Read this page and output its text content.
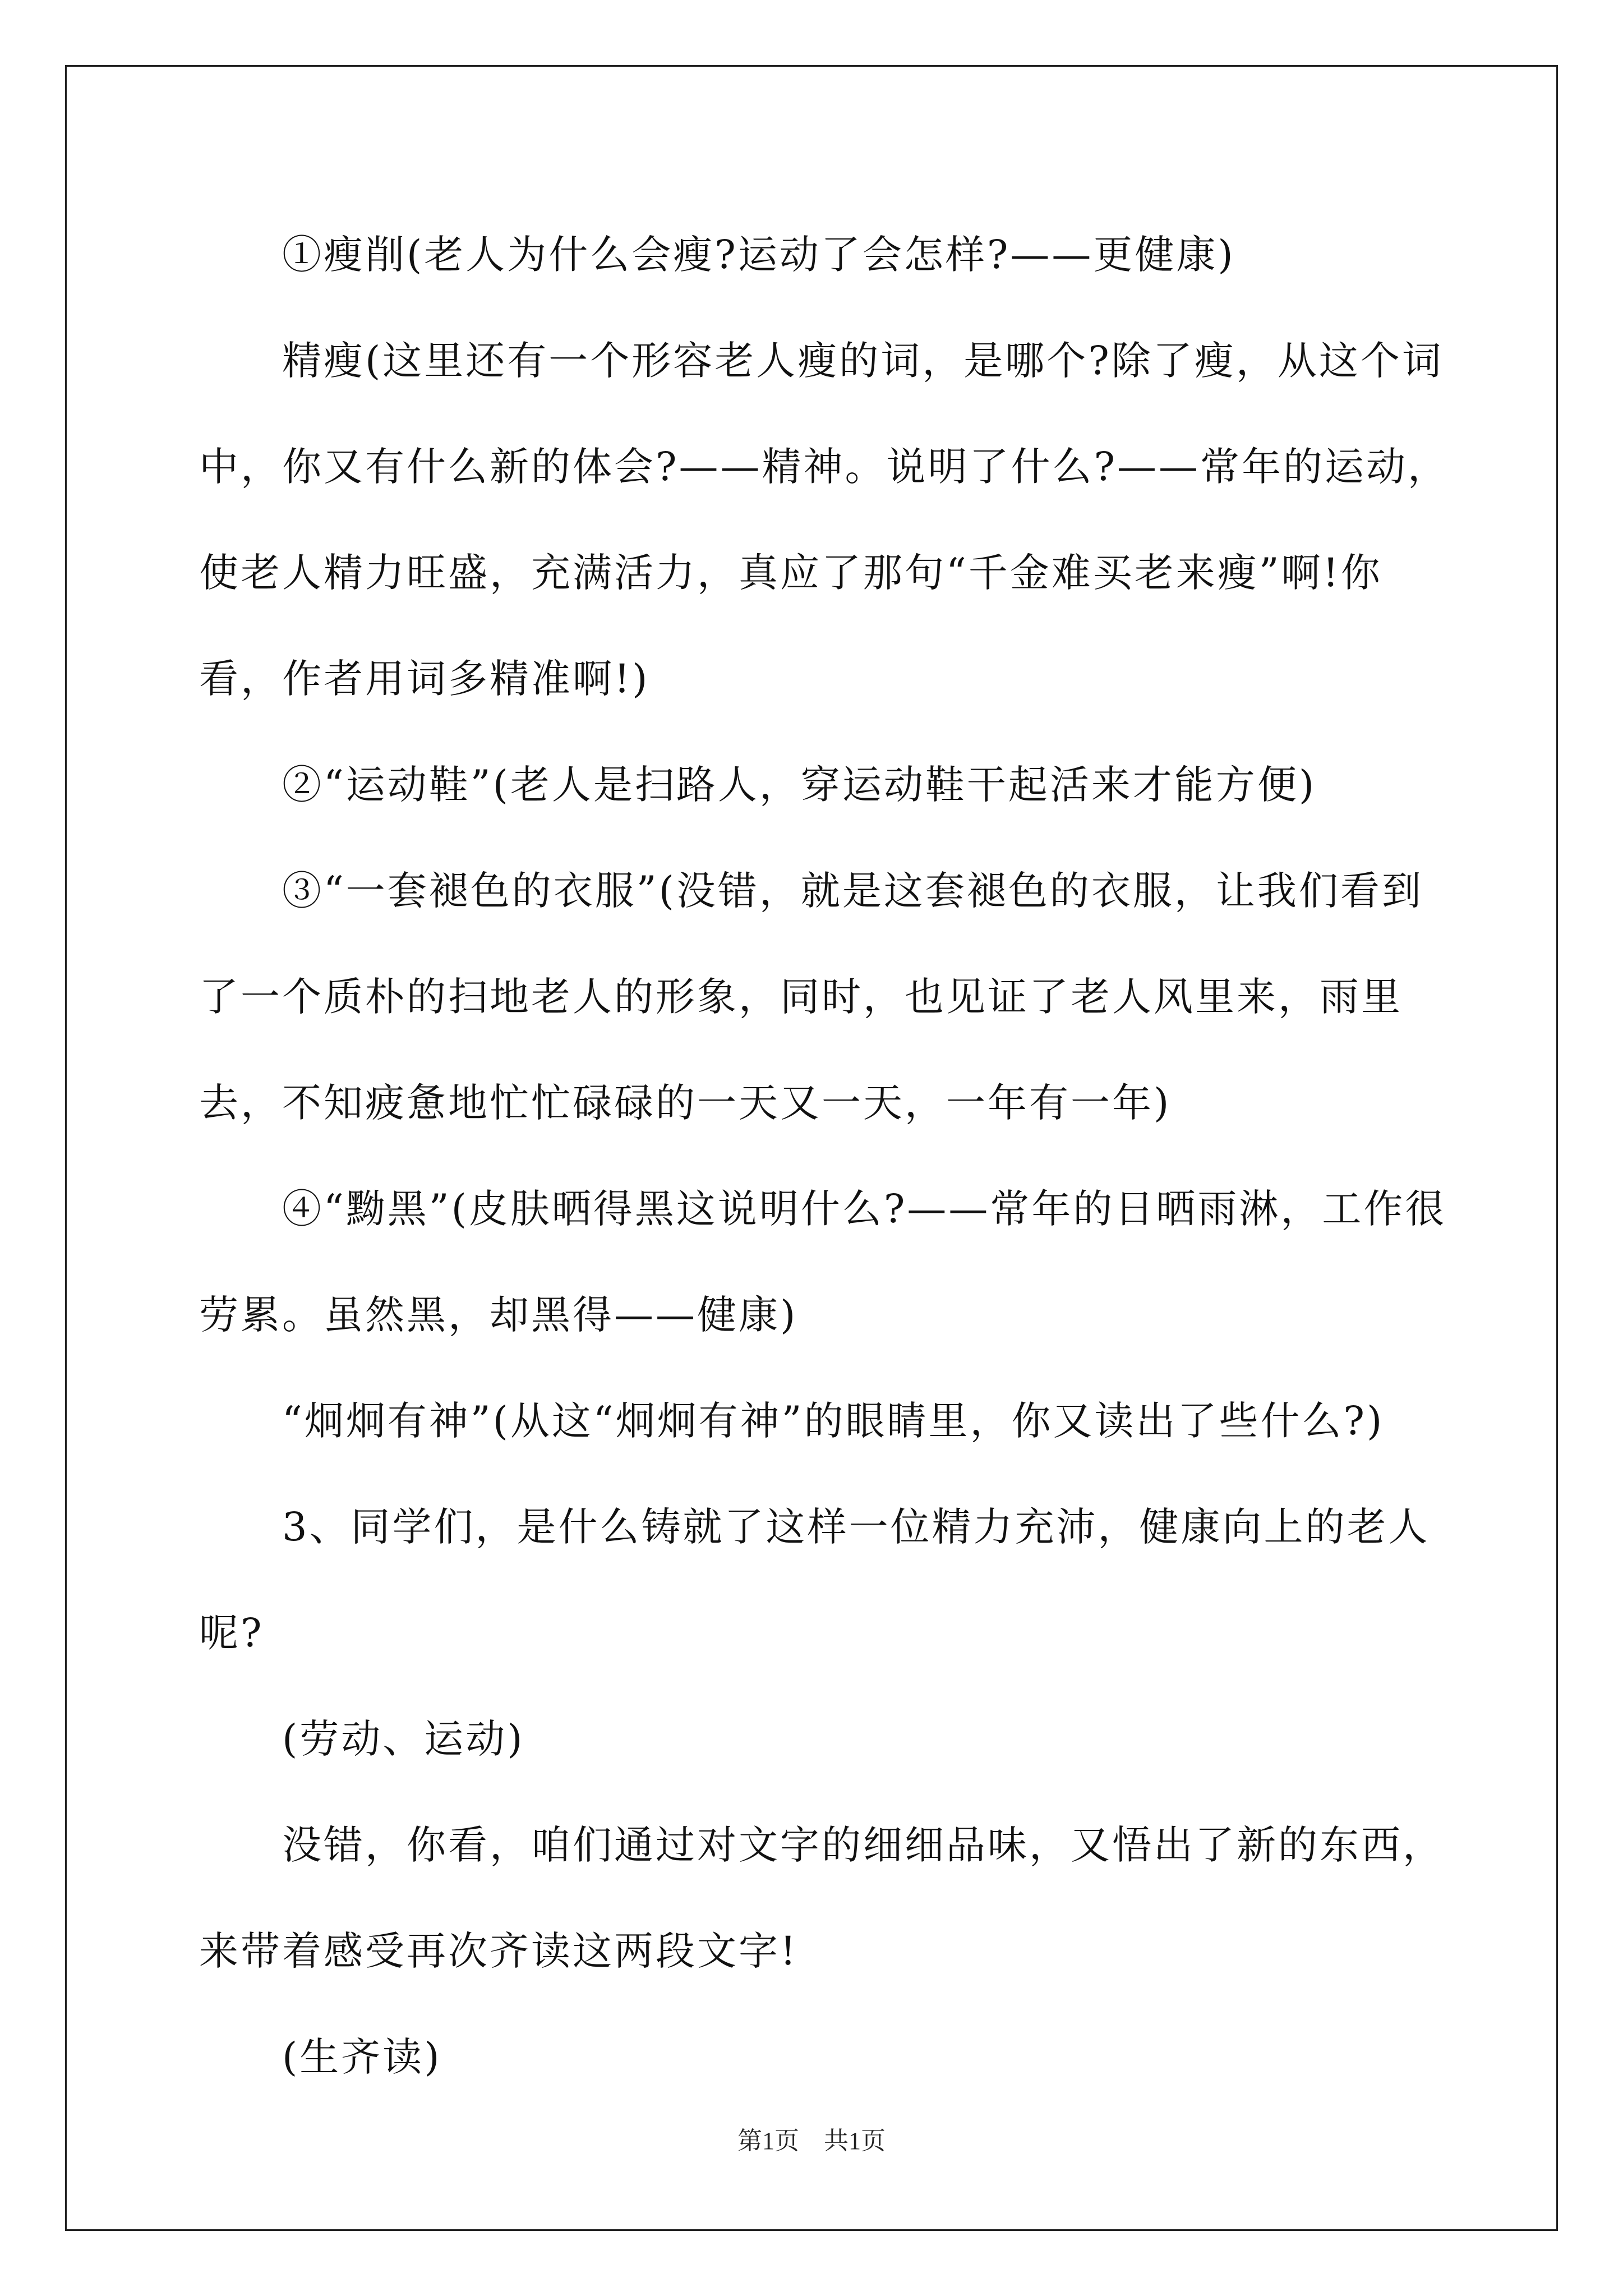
①瘦削(老人为什么会瘦?运动了会怎样?——更健康)

精瘦(这里还有一个形容老人瘦的词，是哪个?除了瘦，从这个词中，你又有什么新的体会?——精神。说明了什么?——常年的运动，使老人精力旺盛，充满活力，真应了那句“千金难买老来瘦”啊!你看，作者用词多精准啊!)

②“运动鞋”(老人是扫路人，穿运动鞋干起活来才能方便)

③“一套褪色的衣服”(没错，就是这套褪色的衣服，让我们看到了一个质朴的扫地老人的形象，同时，也见证了老人风里来，雨里去，不知疲惫地忙忙碌碌的一天又一天，一年有一年)

④“黝黑”(皮肤晒得黑这说明什么?——常年的日晒雨淋，工作很劳累。虽然黑，却黑得——健康)

“炯炯有神”(从这“炯炯有神”的眼睛里，你又读出了些什么?)

3、同学们，是什么铸就了这样一位精力充沛，健康向上的老人呢?

(劳动、运动)

没错，你看，咱们通过对文字的细细品味，又悟出了新的东西，来带着感受再次齐读这两段文字!

(生齐读)

第1页　共1页
